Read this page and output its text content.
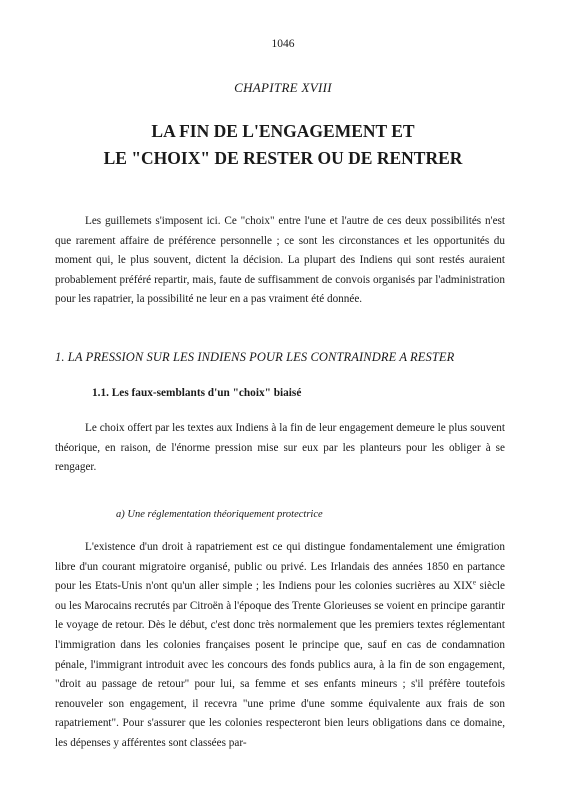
1046
CHAPITRE XVIII
LA FIN DE L'ENGAGEMENT ET
LE "CHOIX" DE RESTER OU DE RENTRER

Les guillemets s'imposent ici. Ce "choix" entre l'une et l'autre de ces deux possibilités n'est que rarement affaire de préférence personnelle ; ce sont les circonstances et les opportunités du moment qui, le plus souvent, dictent la décision. La plupart des Indiens qui sont restés auraient probablement préféré repartir, mais, faute de suffisamment de convois organisés par l'administration pour les rapatrier, la possibilité ne leur en a pas vraiment été donnée.

1. LA PRESSION SUR LES INDIENS POUR LES CONTRAINDRE A RESTER
1.1. Les faux-semblants d'un "choix" biaisé

Le choix offert par les textes aux Indiens à la fin de leur engagement demeure le plus souvent théorique, en raison, de l'énorme pression mise sur eux par les planteurs pour les obliger à se rengager.

a) Une réglementation théoriquement protectrice

L'existence d'un droit à rapatriement est ce qui distingue fondamentalement une émigration libre d'un courant migratoire organisé, public ou privé. Les Irlandais des années 1850 en partance pour les Etats-Unis n'ont qu'un aller simple ; les Indiens pour les colonies sucrières au XIXe siècle ou les Marocains recrutés par Citroën à l'époque des Trente Glorieuses se voient en principe garantir le voyage de retour. Dès le début, c'est donc très normalement que les premiers textes réglementant l'immigration dans les colonies françaises posent le principe que, sauf en cas de condamnation pénale, l'immigrant introduit avec les concours des fonds publics aura, à la fin de son engagement, "droit au passage de retour" pour lui, sa femme et ses enfants mineurs ; s'il préfère toutefois renouveler son engagement, il recevra "une prime d'une somme équivalente aux frais de son rapatriement". Pour s'assurer que les colonies respecteront bien leurs obligations dans ce domaine, les dépenses y afférentes sont classées par-
